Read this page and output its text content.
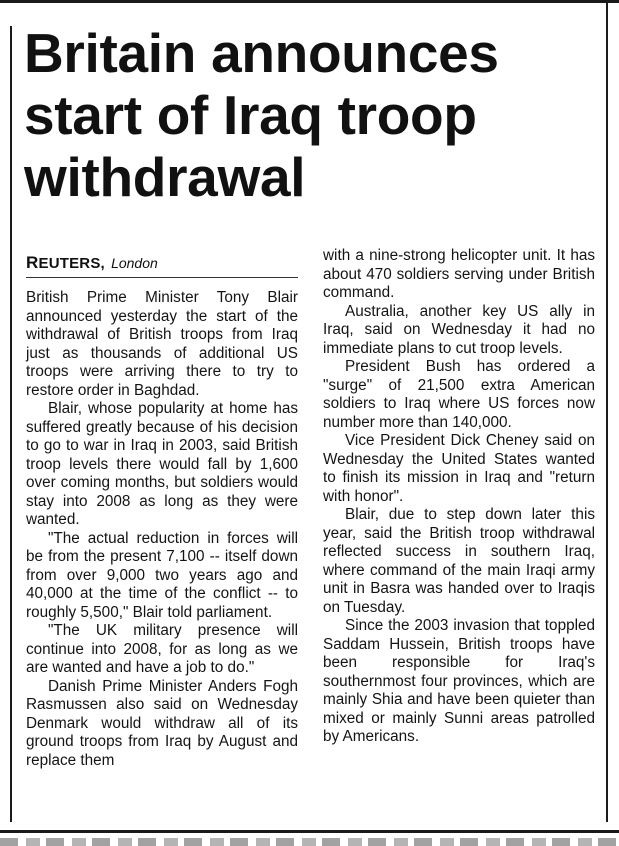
Britain announces start of Iraq troop withdrawal
REUTERS, London

British Prime Minister Tony Blair announced yesterday the start of the withdrawal of British troops from Iraq just as thousands of additional US troops were arriving there to try to restore order in Baghdad.

Blair, whose popularity at home has suffered greatly because of his decision to go to war in Iraq in 2003, said British troop levels there would fall by 1,600 over coming months, but soldiers would stay into 2008 as long as they were wanted.

"The actual reduction in forces will be from the present 7,100 -- itself down from over 9,000 two years ago and 40,000 at the time of the conflict -- to roughly 5,500," Blair told parliament.

"The UK military presence will continue into 2008, for as long as we are wanted and have a job to do."

Danish Prime Minister Anders Fogh Rasmussen also said on Wednesday Denmark would withdraw all of its ground troops from Iraq by August and replace them

with a nine-strong helicopter unit. It has about 470 soldiers serving under British command.

Australia, another key US ally in Iraq, said on Wednesday it had no immediate plans to cut troop levels.

President Bush has ordered a "surge" of 21,500 extra American soldiers to Iraq where US forces now number more than 140,000.

Vice President Dick Cheney said on Wednesday the United States wanted to finish its mission in Iraq and "return with honor".

Blair, due to step down later this year, said the British troop withdrawal reflected success in southern Iraq, where command of the main Iraqi army unit in Basra was handed over to Iraqis on Tuesday.

Since the 2003 invasion that toppled Saddam Hussein, British troops have been responsible for Iraq's southernmost four provinces, which are mainly Shia and have been quieter than mixed or mainly Sunni areas patrolled by Americans.
